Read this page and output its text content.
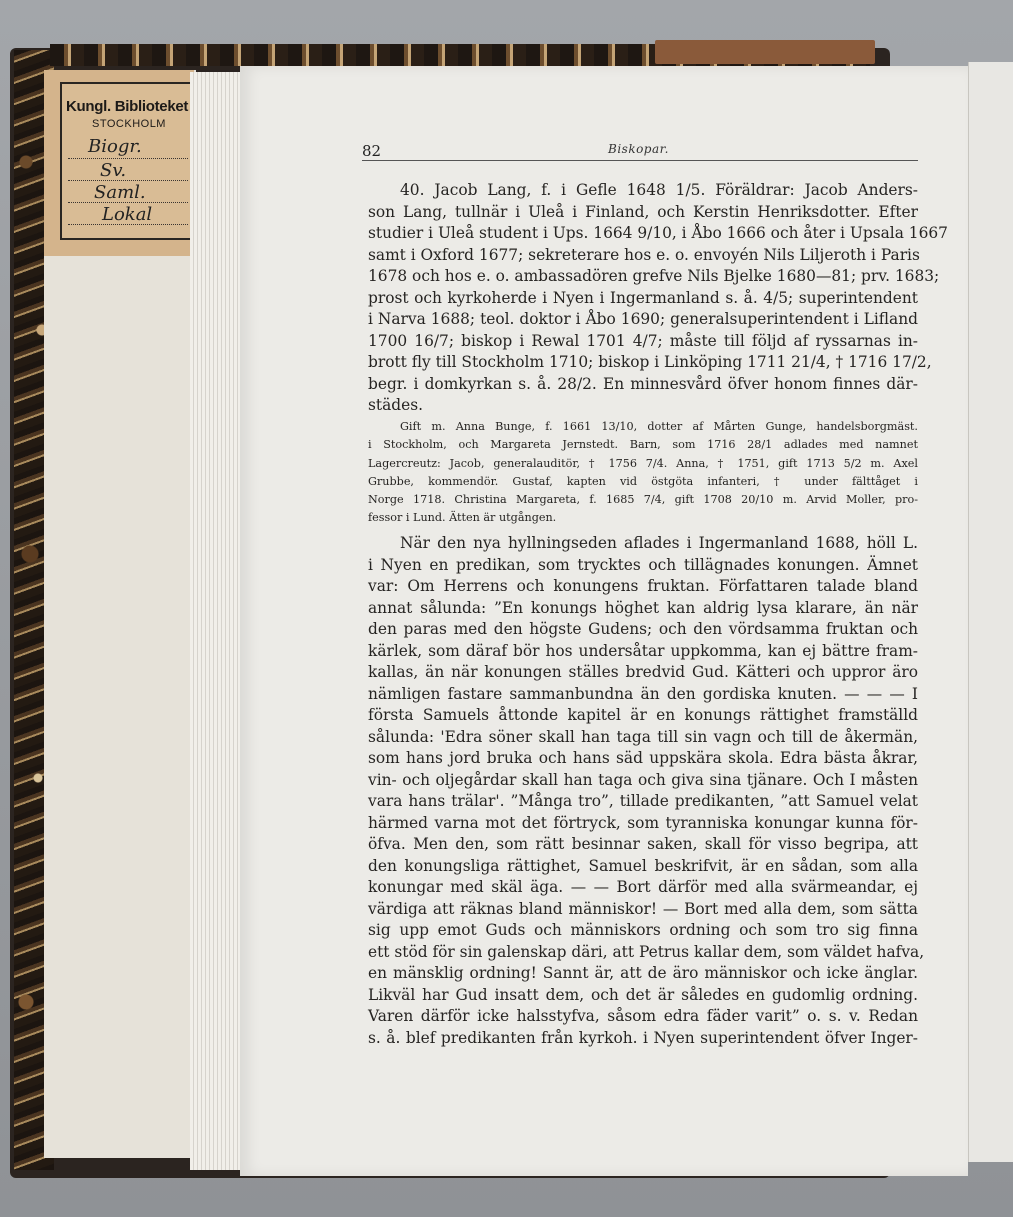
Kungl. Biblioteket
STOCKHOLM
Biogr.
Sv.
Saml.
Lokal
82	Biskopar.
40. Jacob Lang, f. i Gefle 1648 1/5. Föräldrar: Jacob Anders-
son Lang, tullnär i Uleå i Finland, och Kerstin Henriksdotter. Efter
studier i Uleå student i Ups. 1664 9/10, i Åbo 1666 och åter i Upsala 1667
samt i Oxford 1677; sekreterare hos e. o. envoyén Nils Liljeroth i Paris
1678 och hos e. o. ambassadören grefve Nils Bjelke 1680—81; prv. 1683;
prost och kyrkoherde i Nyen i Ingermanland s. å. 4/5; superintendent
i Narva 1688; teol. doktor i Åbo 1690; generalsuperintendent i Lifland
1700 16/7; biskop i Rewal 1701 4/7; måste till följd af ryssarnas in-
brott fly till Stockholm 1710; biskop i Linköping 1711 21/4, † 1716 17/2,
begr. i domkyrkan s. å. 28/2. En minnesvård öfver honom finnes där-
städes.
Gift m. Anna Bunge, f. 1661 13/10, dotter af Mårten Gunge, handelsborgmäst.
i Stockholm, och Margareta Jernstedt. Barn, som 1716 28/1 adlades med namnet
Lagercreutz: Jacob, generalauditör, † 1756 7/4. Anna, † 1751, gift 1713 5/2 m. Axel
Grubbe, kommendör. Gustaf, kapten vid östgöta infanteri, † under fälttåget i
Norge 1718. Christina Margareta, f. 1685 7/4, gift 1708 20/10 m. Arvid Moller, pro-
fessor i Lund. Ätten är utgången.
När den nya hyllningseden aflades i Ingermanland 1688, höll L.
i Nyen en predikan, som trycktes och tillägnades konungen. Ämnet
var: Om Herrens och konungens fruktan. Författaren talade bland
annat sålunda: ”En konungs höghet kan aldrig lysa klarare, än när
den paras med den högste Gudens; och den vördsamma fruktan och
kärlek, som däraf bör hos undersåtar uppkomma, kan ej bättre fram-
kallas, än när konungen ställes bredvid Gud. Kätteri och uppror äro
nämligen fastare sammanbundna än den gordiska knuten. — — — I
första Samuels åttonde kapitel är en konungs rättighet framställd
sålunda: 'Edra söner skall han taga till sin vagn och till de åkermän,
som hans jord bruka och hans säd uppskära skola. Edra bästa åkrar,
vin- och oljegårdar skall han taga och giva sina tjänare. Och I måsten
vara hans trälar'. ”Många tro”, tillade predikanten, ”att Samuel velat
härmed varna mot det förtryck, som tyranniska konungar kunna för-
öfva. Men den, som rätt besinnar saken, skall för visso begripa, att
den konungsliga rättighet, Samuel beskrifvit, är en sådan, som alla
konungar med skäl äga. — — Bort därför med alla svärmeandar, ej
värdiga att räknas bland människor! — Bort med alla dem, som sätta
sig upp emot Guds och människors ordning och som tro sig finna
ett stöd för sin galenskap däri, att Petrus kallar dem, som väldet hafva,
en mänsklig ordning! Sannt är, att de äro människor och icke änglar.
Likväl har Gud insatt dem, och det är således en gudomlig ordning.
Varen därför icke halsstyfva, såsom edra fäder varit” o. s. v. Redan
s. å. blef predikanten från kyrkoh. i Nyen superintendent öfver Inger-
